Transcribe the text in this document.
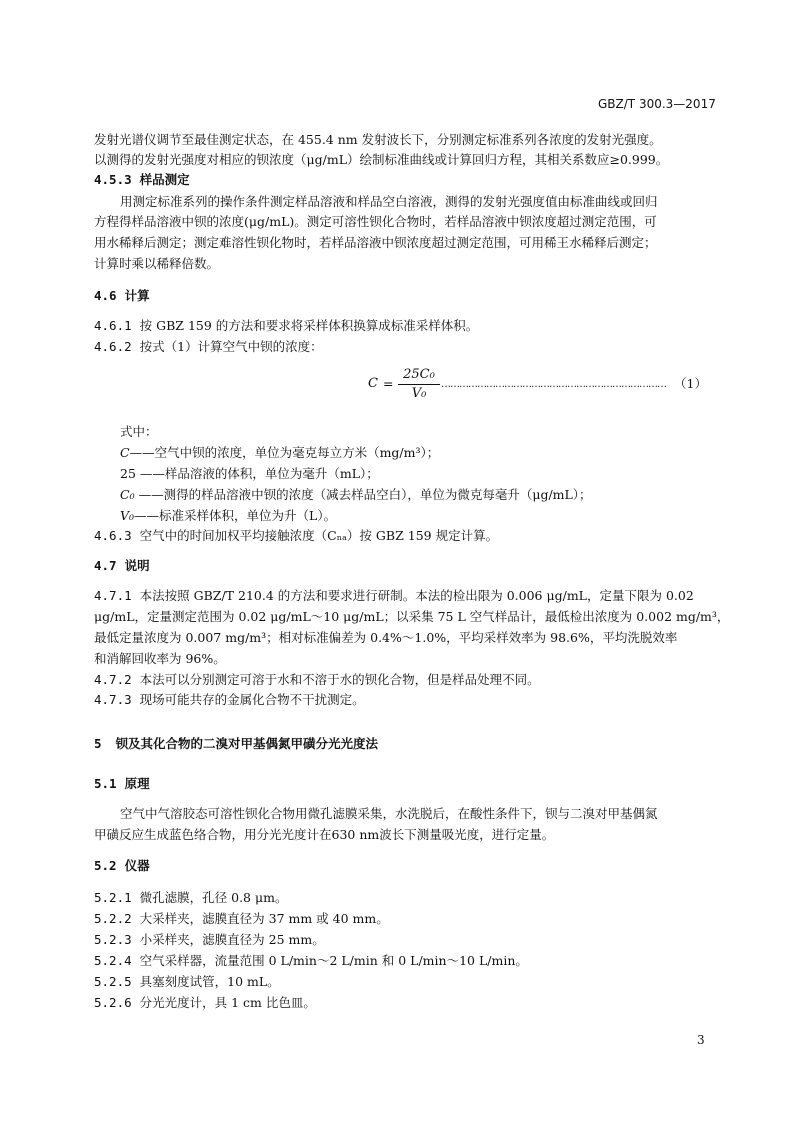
GBZ/T 300.3—2017
发射光谱仪调节至最佳测定状态，在 455.4 nm 发射波长下，分别测定标准系列各浓度的发射光强度。
以测得的发射光强度对相应的钡浓度（μg/mL）绘制标准曲线或计算回归方程，其相关系数应≥0.999。
4.5.3 样品测定
用测定标准系列的操作条件测定样品溶液和样品空白溶液，测得的发射光强度值由标准曲线或回归
方程得样品溶液中钡的浓度(μg/mL)。测定可溶性钡化合物时，若样品溶液中钡浓度超过测定范围，可
用水稀释后测定；测定难溶性钡化物时，若样品溶液中钡浓度超过测定范围，可用稀王水稀释后测定；
计算时乘以稀释倍数。
4.6 计算
4.6.1 按 GBZ 159 的方法和要求将采样体积换算成标准采样体积。
4.6.2 按式（1）计算空气中钡的浓度：
$C = \frac{\text{25C₀}}{\text{V₀}}$ ………………………………………………………………… （1）
式中：
C——空气中钡的浓度，单位为毫克每立方米（mg/m³）；
25 ——样品溶液的体积，单位为毫升（mL）；
C₀ ——测得的样品溶液中钡的浓度（减去样品空白），单位为微克每毫升（μg/mL）；
V₀——标准采样体积，单位为升（L）。
4.6.3 空气中的时间加权平均接触浓度（Cₙₐ）按 GBZ 159 规定计算。
4.7 说明
4.7.1 本法按照 GBZ/T 210.4 的方法和要求进行研制。本法的检出限为 0.006 μg/mL，定量下限为 0.02
μg/mL，定量测定范围为 0.02 μg/mL～10 μg/mL；以采集 75 L 空气样品计，最低检出浓度为 0.002 mg/m³，
最低定量浓度为 0.007 mg/m³；相对标准偏差为 0.4%～1.0%，平均采样效率为 98.6%，平均洗脱效率
和消解回收率为 96%。
4.7.2 本法可以分别测定可溶于水和不溶于水的钡化合物，但是样品处理不同。
4.7.3 现场可能共存的金属化合物不干扰测定。
5 钡及其化合物的二溴对甲基偶氮甲磺分光光度法
5.1 原理
空气中气溶胶态可溶性钡化合物用微孔滤膜采集，水洗脱后，在酸性条件下，钡与二溴对甲基偶氮
甲磺反应生成蓝色络合物，用分光光度计在630 nm波长下测量吸光度，进行定量。
5.2 仪器
5.2.1 微孔滤膜，孔径 0.8 μm。
5.2.2 大采样夹，滤膜直径为 37 mm 或 40 mm。
5.2.3 小采样夹，滤膜直径为 25 mm。
5.2.4 空气采样器，流量范围 0 L/min～2 L/min 和 0 L/min～10 L/min。
5.2.5 具塞刻度试管，10 mL。
5.2.6 分光光度计，具 1 cm 比色皿。
3
